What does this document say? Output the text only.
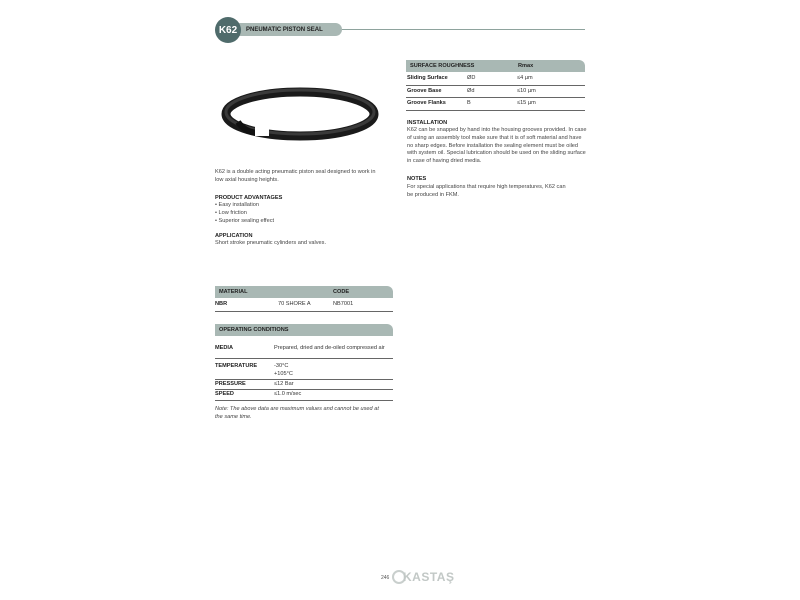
PNEUMATIC PISTON SEAL
K62
K62 is a double acting pneumatic piston seal designed to work in low axial housing heights.
PRODUCT ADVANTAGES
• Easy installation
• Low friction
• Superior sealing effect
APPLICATION
Short stroke pneumatic cylinders and valves.
MATERIAL	CODE
NBR	70 SHORE A	NB7001
OPERATING CONDITIONS
MEDIA	Prepared, dried and de-oiled compressed air
TEMPERATURE	-30°C
+105°C
PRESSURE	≤12 Bar
SPEED	≤1.0 m/sec
Note: The above data are maximum values and cannot be used at the same time.
SURFACE ROUGHNESS	Rmax
Sliding Surface	ØD	≤4 µm
Groove Base	Ød	≤10 µm
Groove Flanks	B	≤15 µm
INSTALLATION
K62 can be snapped by hand into the housing grooves provided. In case of using an assembly tool make sure that it is of soft material and have no sharp edges. Before installation the sealing element must be oiled with system oil. Special lubrication should be used on the sliding surface in case of having dried media.
NOTES
For special applications that require high temperatures, K62 can be produced in FKM.
246 KASTAŞ
